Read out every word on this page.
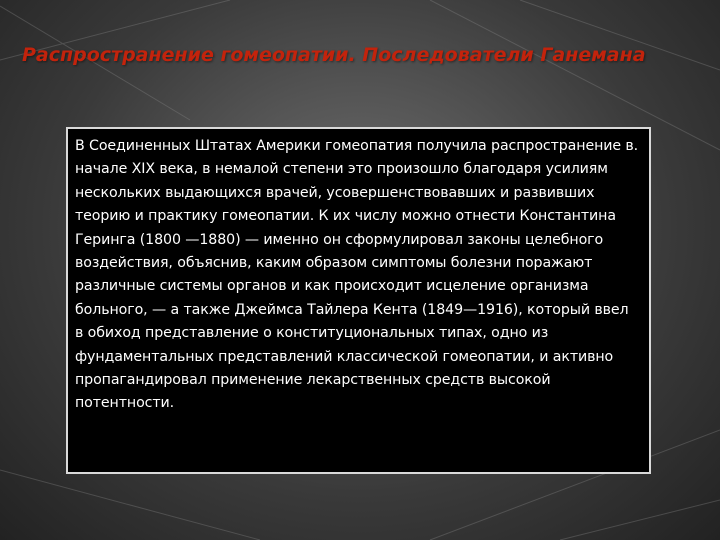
Распространение гомеопатии. Последователи Ганемана

В Соединенных Штатах Америки гомеопатия получила распространение в. начале XIX века, в немалой степени это произошло благодаря усилиям нескольких выдающихся врачей, усовершенствовавших и развивших теорию и практику гомеопатии. К их числу можно отнести Константина Геринга (1800 —1880) — именно он сформулировал законы целебного воздействия, объяснив, каким образом симптомы болезни поражают различные системы органов и как происходит исцеление организма больного, — а также Джеймса Тайлера Кента (1849—1916), который ввел в обиход представление о конституциональных типах, одно из фундаментальных представлений классической гомеопатии, и активно пропагандировал применение лекарственных средств высокой потентности.
